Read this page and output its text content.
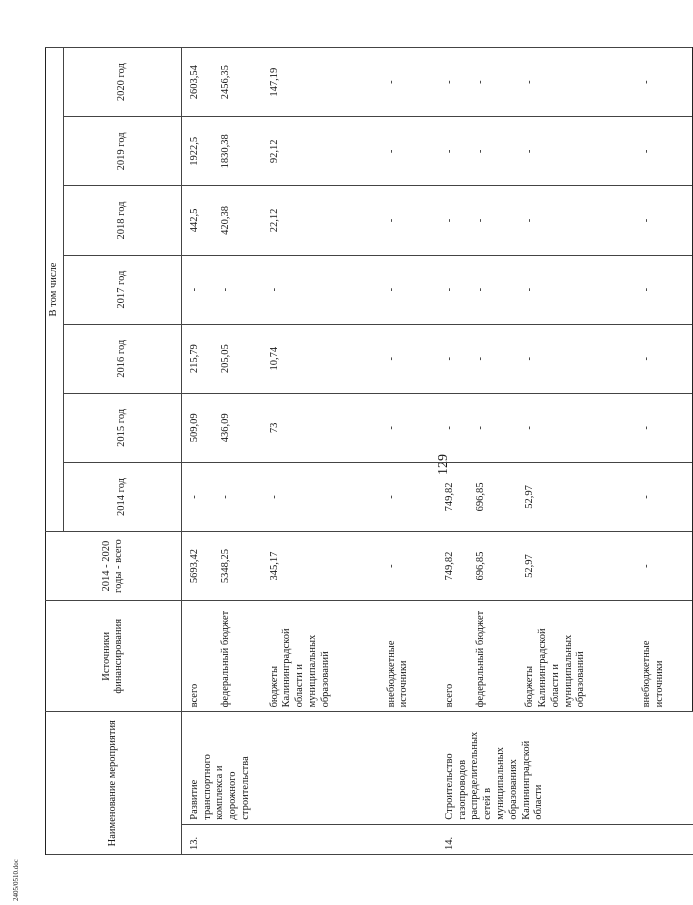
129
2405/0510.doc
Наименование мероприятия		Источники финансирования	2014 - 2020 годы - всего	В том числе						
				2014 год	2015 год	2016 год	2017 год	2018 год	2019 год	2020 год
13.	Развитие транспортного комплекса и дорожного строительства	всего	5693,42	-	509,09	215,79	-	442,5	1922,5	2603,54
		федеральный бюджет	5348,25	-	436,09	205,05	-	420,38	1830,38	2456,35
		бюджеты Калининградской области и муниципальных образований	345,17	-	73	10,74	-	22,12	92,12	147,19
		внебюджетные источники	-	-	-	-	-	-	-	-
14.	Строительство газопроводов распределительных сетей в муниципальных образованиях Калининградской области	всего	749,82	749,82	-	-	-	-	-	-
		федеральный бюджет	696,85	696,85	-	-	-	-	-	-
		бюджеты Калининградской области и муниципальных образований	52,97	52,97	-	-	-	-	-	-
		внебюджетные источники	-	-	-	-	-	-	-	-
